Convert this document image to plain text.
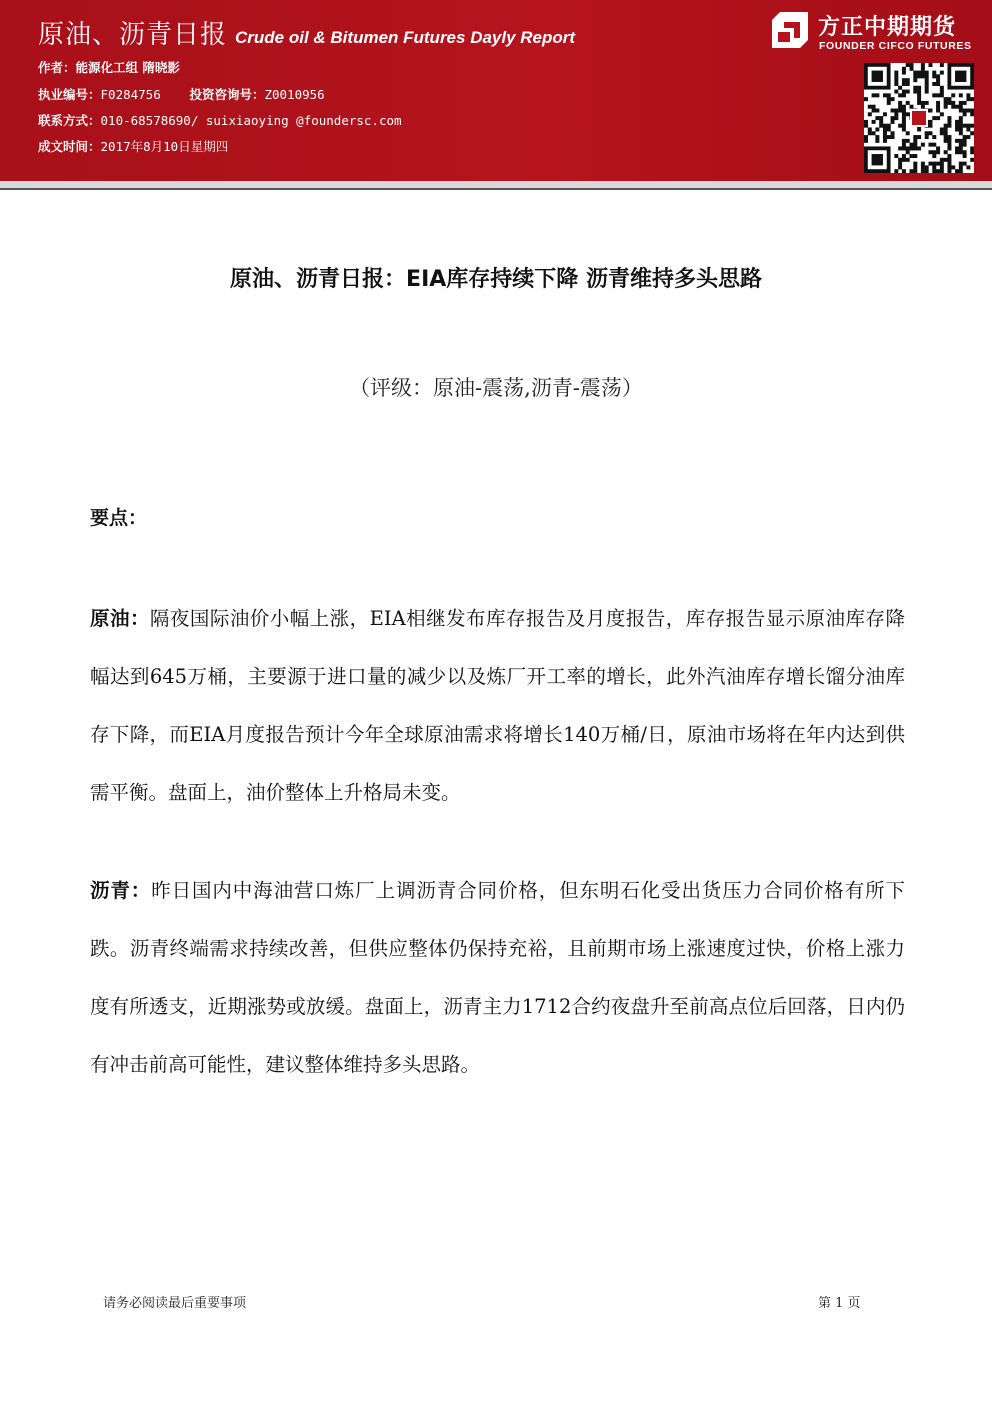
原油、沥青日报 Crude oil & Bitumen Futures Dayly Report
作者：能源化工组 隋晓影
执业编号：F0284756 投资咨询号：Z0010956
联系方式：010-68578690/ suixiaoying @foundersc.com
成文时间：2017年8月10日星期四
方正中期期货
FOUNDER CIFCO FUTURES
原油、沥青日报：EIA库存持续下降 沥青维持多头思路
（评级：原油-震荡,沥青-震荡）
要点：
原油：隔夜国际油价小幅上涨，EIA相继发布库存报告及月度报告，库存报告显示原油库存降幅达到645万桶，主要源于进口量的减少以及炼厂开工率的增长，此外汽油库存增长馏分油库存下降，而EIA月度报告预计今年全球原油需求将增长140万桶/日，原油市场将在年内达到供需平衡。盘面上，油价整体上升格局未变。
沥青：昨日国内中海油营口炼厂上调沥青合同价格，但东明石化受出货压力合同价格有所下跌。沥青终端需求持续改善，但供应整体仍保持充裕，且前期市场上涨速度过快，价格上涨力度有所透支，近期涨势或放缓。盘面上，沥青主力1712合约夜盘升至前高点位后回落，日内仍有冲击前高可能性，建议整体维持多头思路。
请务必阅读最后重要事项	第 1 页
